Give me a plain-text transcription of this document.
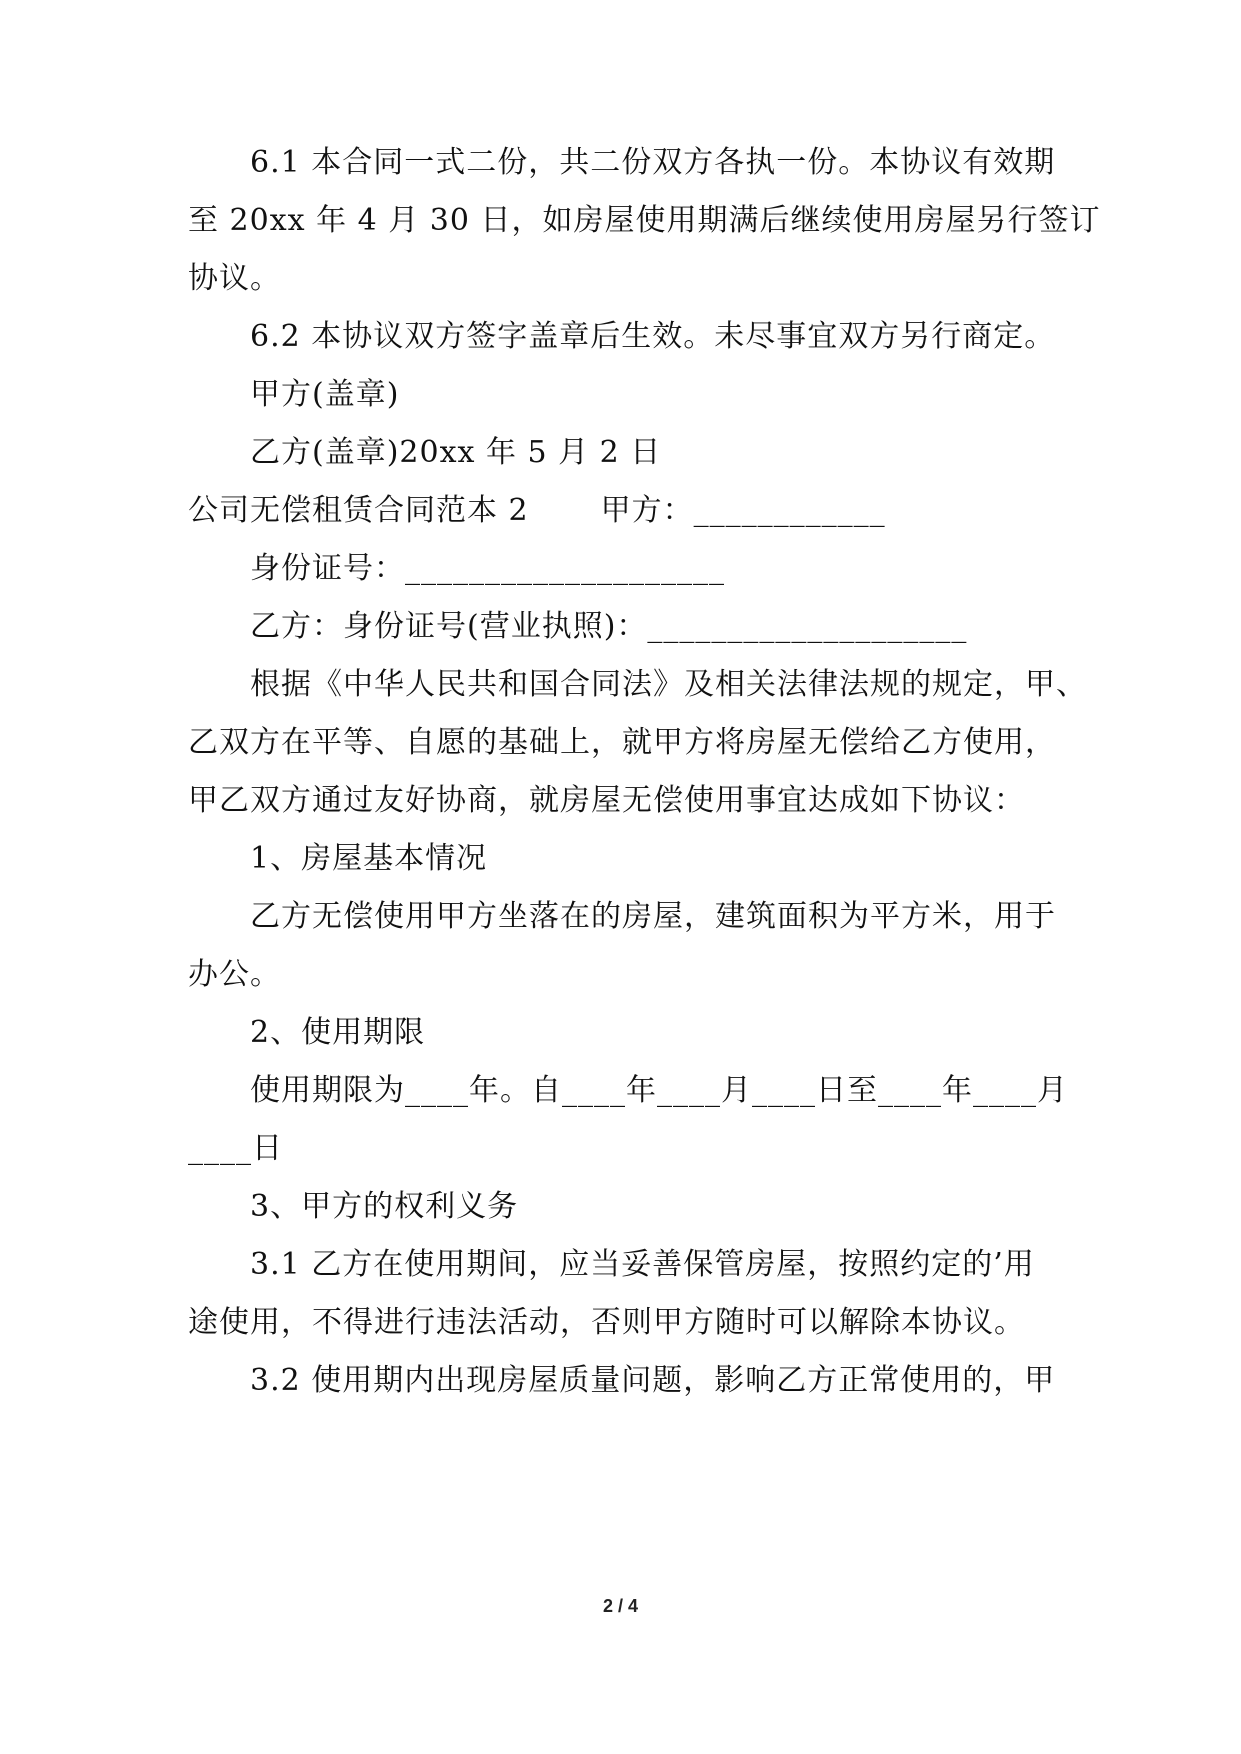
6.1 本合同一式二份，共二份双方各执一份。本协议有效期
至 20xx 年 4 月 30 日，如房屋使用期满后继续使用房屋另行签订
协议。
6.2 本协议双方签字盖章后生效。未尽事宜双方另行商定。
甲方(盖章)
乙方(盖章)20xx 年 5 月 2 日
公司无偿租赁合同范本 2 甲方：____________
身份证号：____________________
乙方：身份证号(营业执照)：____________________
根据《中华人民共和国合同法》及相关法律法规的规定，甲、
乙双方在平等、自愿的基础上，就甲方将房屋无偿给乙方使用，
甲乙双方通过友好协商，就房屋无偿使用事宜达成如下协议：
1、房屋基本情况
乙方无偿使用甲方坐落在的房屋，建筑面积为平方米，用于
办公。
2、使用期限
使用期限为____年。自____年____月____日至____年____月
____日
3、甲方的权利义务
3.1 乙方在使用期间，应当妥善保管房屋，按照约定的’用
途使用，不得进行违法活动，否则甲方随时可以解除本协议。
3.2 使用期内出现房屋质量问题，影响乙方正常使用的，甲
2 / 4
